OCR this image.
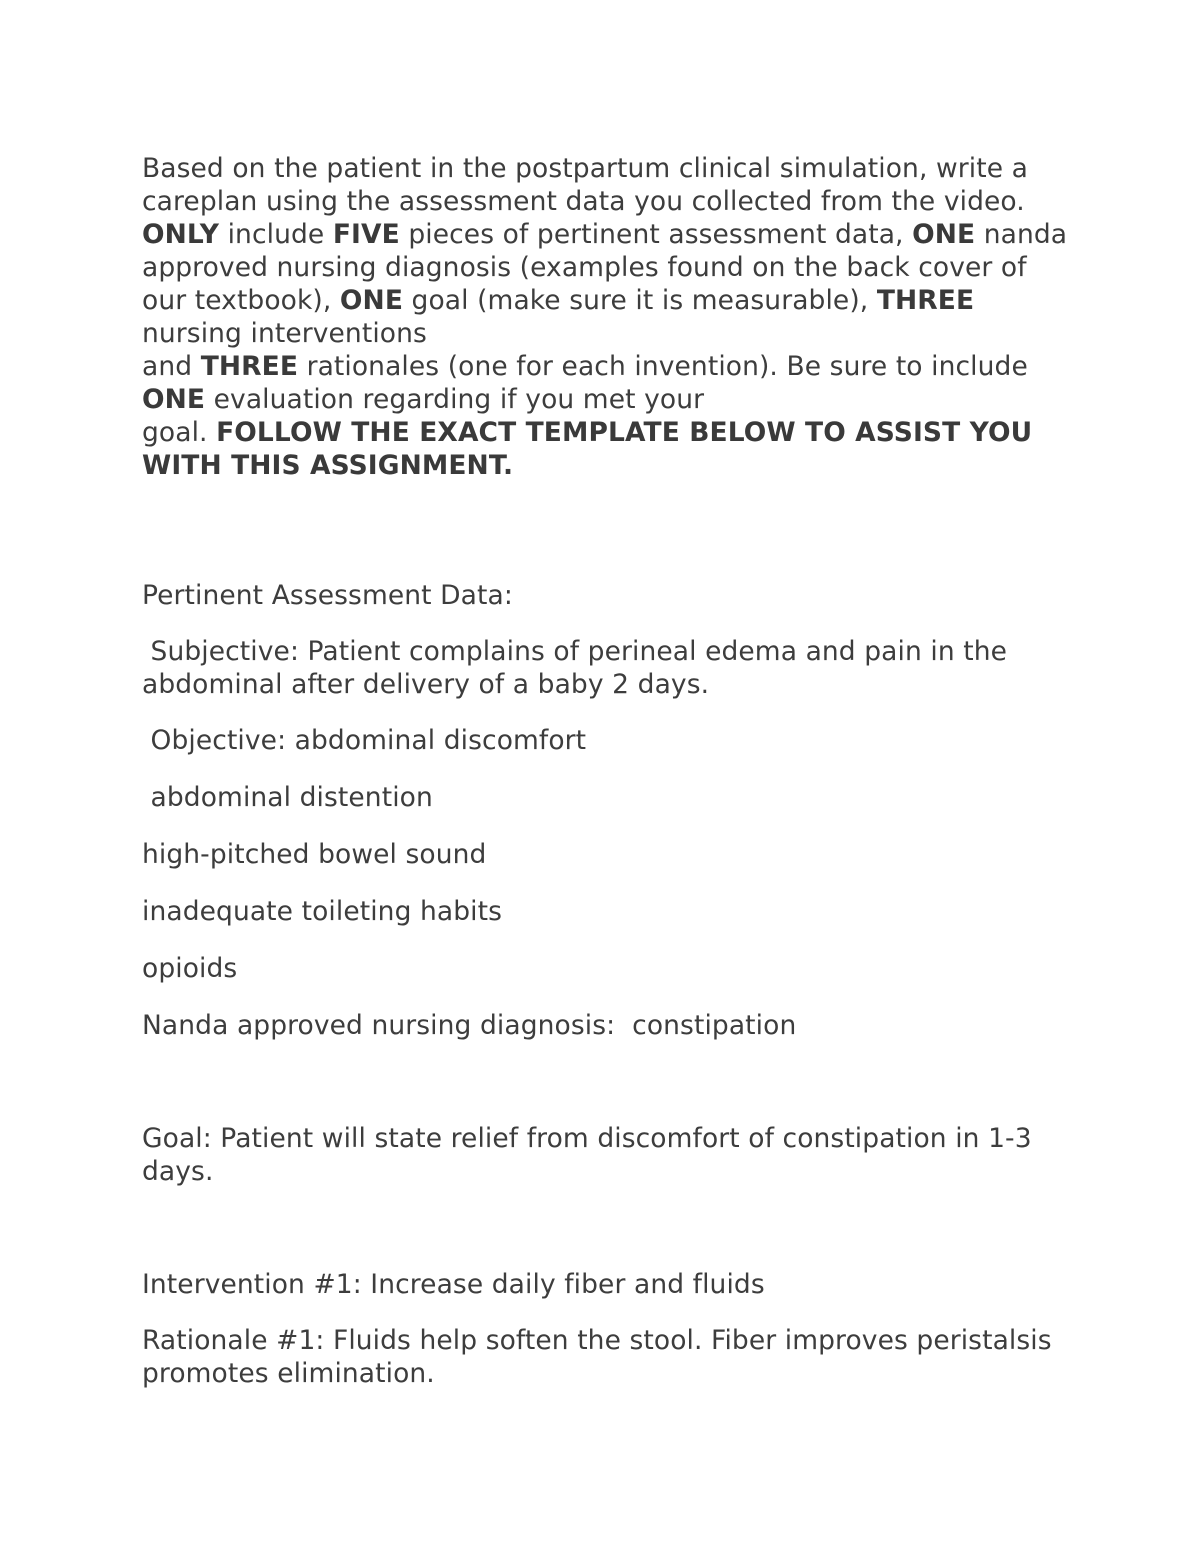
Based on the patient in the postpartum clinical simulation, write a careplan using the assessment data you collected from the video. ONLY include FIVE pieces of pertinent assessment data, ONE nanda approved nursing diagnosis (examples found on the back cover of our textbook), ONE goal (make sure it is measurable), THREE nursing interventions
and THREE rationales (one for each invention). Be sure to include ONE evaluation regarding if you met your
goal. FOLLOW THE EXACT TEMPLATE BELOW TO ASSIST YOU WITH THIS ASSIGNMENT.

Pertinent Assessment Data:

Subjective: Patient complains of perineal edema and pain in the abdominal after delivery of a baby 2 days.

Objective: abdominal discomfort

abdominal distention

high-pitched bowel sound

inadequate toileting habits

opioids

Nanda approved nursing diagnosis:  constipation

Goal: Patient will state relief from discomfort of constipation in 1-3 days.

Intervention #1: Increase daily fiber and fluids

Rationale #1: Fluids help soften the stool. Fiber improves peristalsis promotes elimination.
